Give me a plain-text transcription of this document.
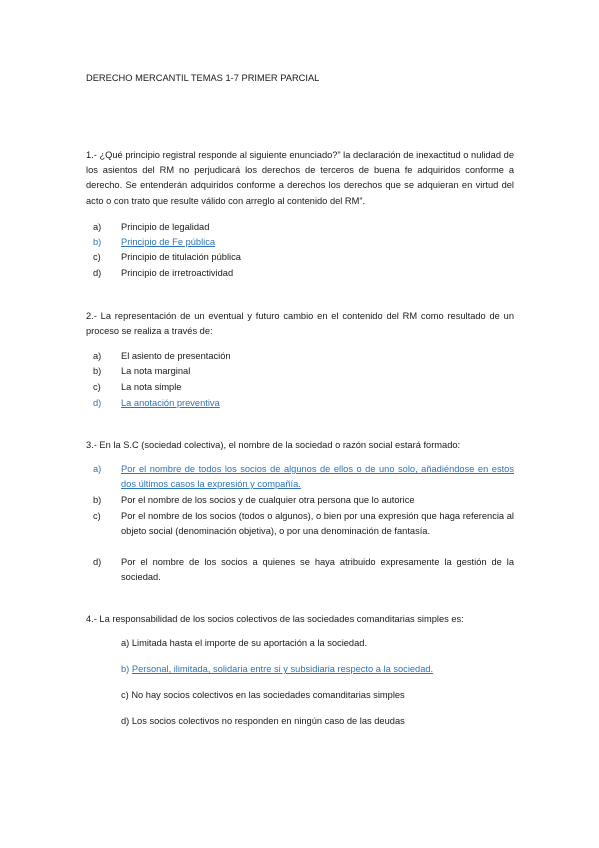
DERECHO MERCANTIL TEMAS 1-7 PRIMER PARCIAL
1.- ¿Qué principio registral responde al siguiente enunciado?” la declaración de inexactitud o nulidad de los asientos del RM no perjudicará los derechos de terceros de buena fe adquiridos conforme a derecho. Se entenderán adquiridos conforme a derechos los derechos que se adquieran en virtud del acto o con trato que resulte válido con arreglo al contenido del RM”.
a) Principio de legalidad
b) Principio de Fe pública
c) Principio de titulación pública
d) Principio de irretroactividad
2.- La representación de un eventual y futuro cambio en el contenido del RM como resultado de un proceso se realiza a través de:
a) El asiento de presentación
b) La nota marginal
c) La nota simple
d) La anotación preventiva
3.- En la S.C (sociedad colectiva), el nombre de la sociedad o razón social estará formado:
a) Por el nombre de todos los socios de algunos de ellos o de uno solo, añadiéndose en estos dos últimos casos la expresión y compañía.
b) Por el nombre de los socios y de cualquier otra persona que lo autorice
c) Por el nombre de los socios (todos o algunos), o bien por una expresión que haga referencia al objeto social (denominación objetiva), o por una denominación de fantasía.
d) Por el nombre de los socios a quienes se haya atribuido expresamente la gestión de la sociedad.
4.- La responsabilidad de los socios colectivos de las sociedades comanditarias simples es:
a) Limitada hasta el importe de su aportación a la sociedad.
b) Personal, ilimitada, solidaria entre si y subsidiaria respecto a la sociedad.
c) No hay socios colectivos en las sociedades comanditarias simples
d) Los socios colectivos no responden en ningún caso de las deudas
